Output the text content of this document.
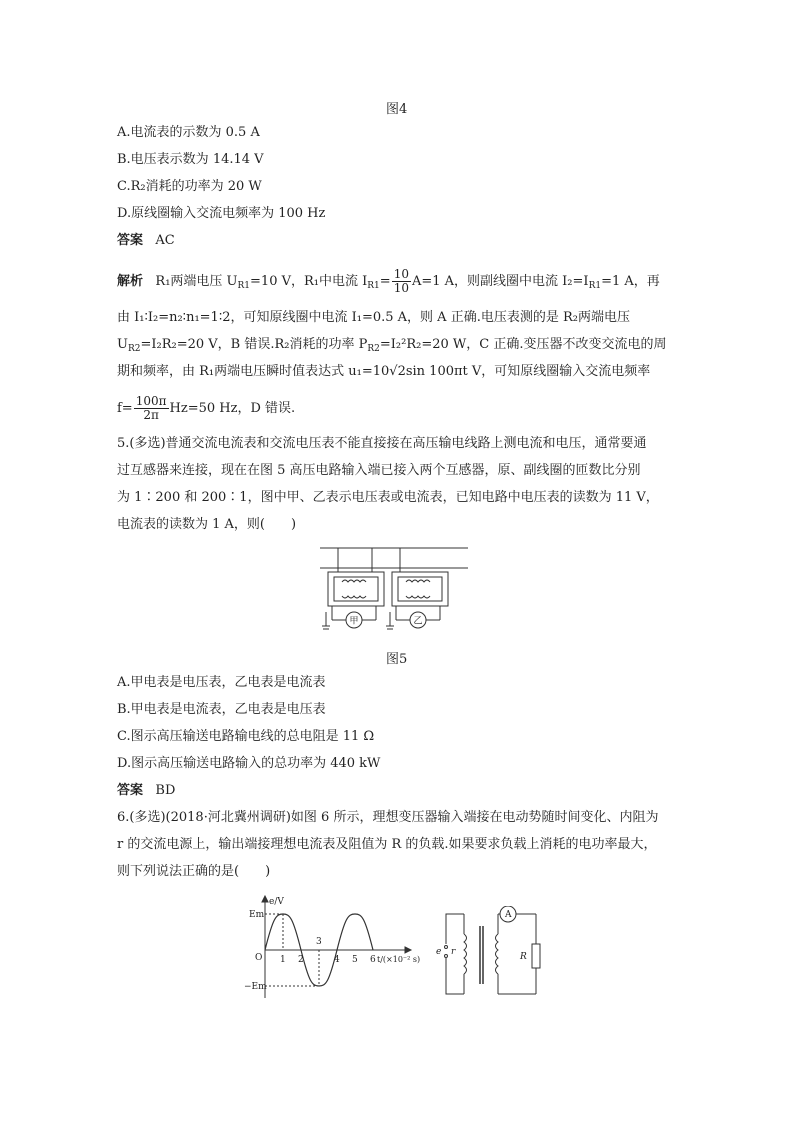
图4
A.电流表的示数为 0.5 A
B.电压表示数为 14.14 V
C.R₂消耗的功率为 20 W
D.原线圈输入交流电频率为 100 Hz
答案 AC
解析 R₁两端电压 $U_{R1}=10$ V，R₁中电流 $I_{R1}= \frac{10}{10} A=1$ A，则副线圈中电流 $I_2=I_{R1}=1$ A，再
由 I₁∶I₂=n₂∶n₁=1∶2，可知原线圈中电流 I₁=0.5 A，则 A 正确.电压表测的是 R₂两端电压
$U_{R2}=I_2R_2=20$ V，B 错误.R₂消耗的功率 $P_{R2}=I_2^2R_2=20$ W，C 正确.变压器不改变交流电的周
期和频率，由 R₁两端电压瞬时值表达式 u₁=10√2sin 100πt V，可知原线圈输入交流电频率
$f= \frac{100\pi}{2\pi} Hz=50$ Hz，D 错误.
5.(多选)普通交流电流表和交流电压表不能直接接在高压输电线路上测电流和电压，通常要通
过互感器来连接，现在在图 5 高压电路输入端已接入两个互感器，原、副线圈的匝数比分别
为 1∶200 和 200∶1，图中甲、乙表示电压表或电流表，已知电路中电压表的读数为 11 V，
电流表的读数为 1 A，则(　　)
甲	乙
图5
A.甲电表是电压表，乙电表是电流表
B.甲电表是电流表，乙电表是电压表
C.图示高压输送电路输电线的总电阻是 11 Ω
D.图示高压输送电路输入的总功率为 440 kW
答案 BD
6.(多选)(2018·河北冀州调研)如图 6 所示，理想变压器输入端接在电动势随时间变化、内阻为
r 的交流电源上，输出端接理想电流表及阻值为 R 的负载.如果要求负载上消耗的电功率最大，
则下列说法正确的是(　　)
e/V
Em
−Em
O 1 2
3
4 5 6 t/(×10⁻² s)
e r
A
R
